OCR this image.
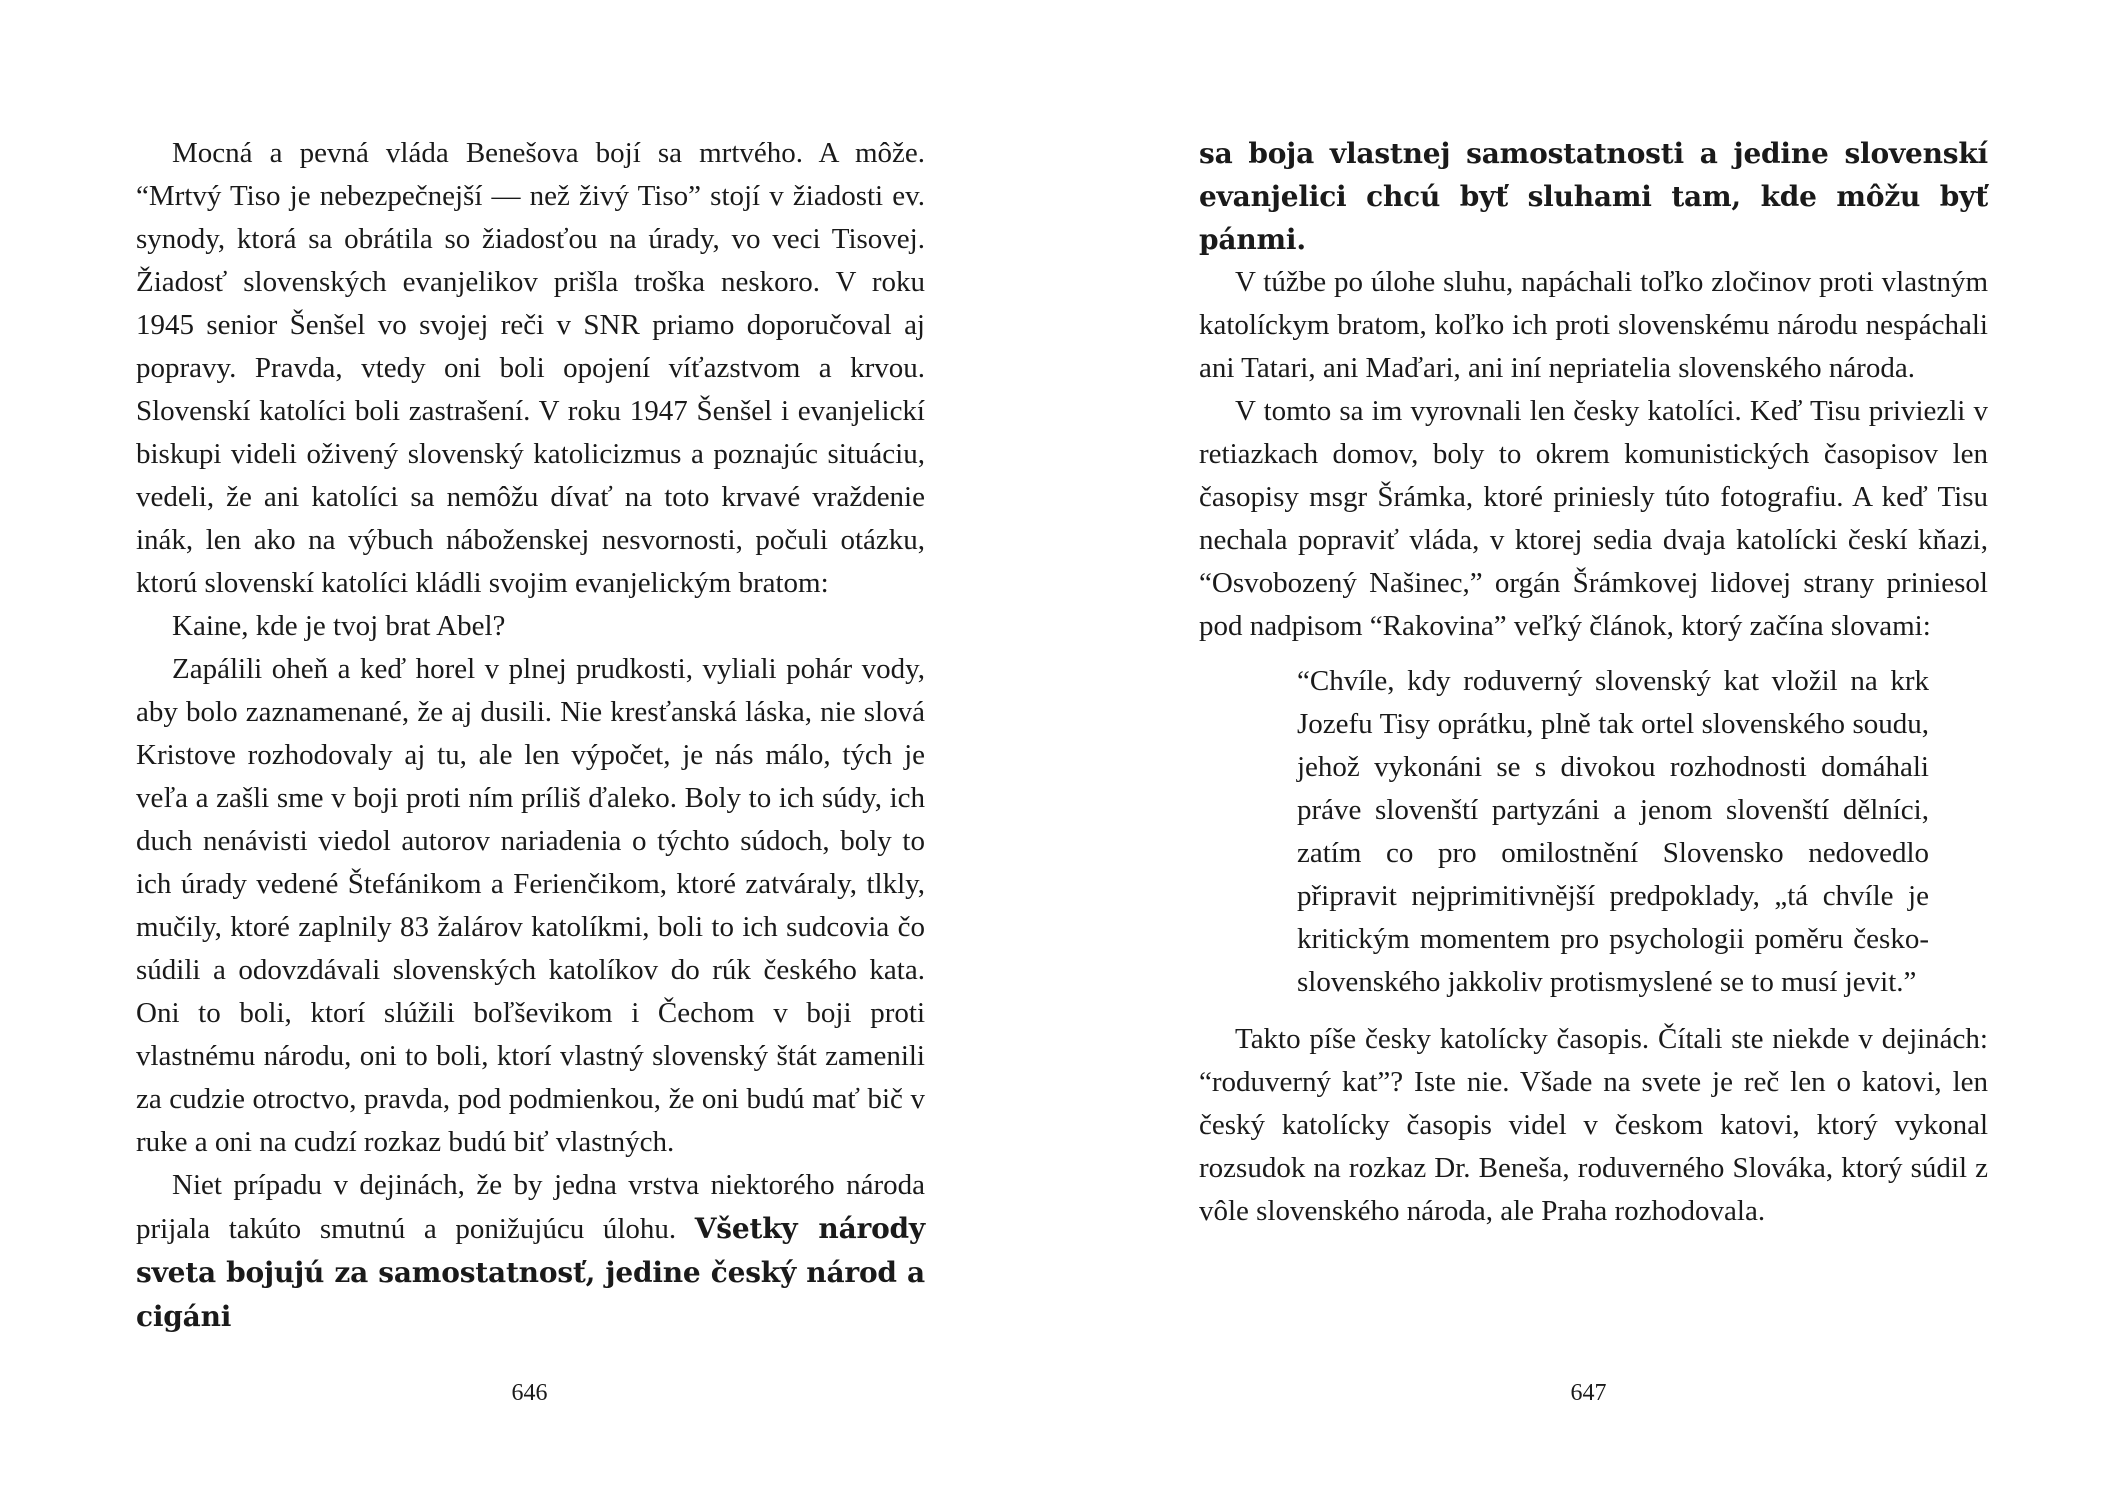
Mocná a pevná vláda Benešova bojí sa mrtvého. A môže. “Mrtvý Tiso je nebezpečnejší — než živý Tiso” stojí v žiadosti ev. synody, ktorá sa obrátila so žiadosťou na úrady, vo veci Tisovej. Žiadosť slovenských evanjelikov prišla troška neskoro. V roku 1945 senior Šenšel vo svojej reči v SNR priamo doporučoval aj popravy. Pravda, vtedy oni boli opojení víťazstvom a krvou. Slovenskí katolíci boli zastrašení. V roku 1947 Šenšel i evanjelickí biskupi videli oživený slovenský katolicizmus a poznajúc situáciu, vedeli, že ani katolíci sa nemôžu dívať na toto krvavé vraždenie inák, len ako na výbuch náboženskej nesvornosti, počuli otázku, ktorú slovenskí katolíci kládli svojim evanjelickým bratom:

Kaine, kde je tvoj brat Abel?

Zapálili oheň a keď horel v plnej prudkosti, vyliali pohár vody, aby bolo zaznamenané, že aj dusili. Nie kresťanská láska, nie slová Kristove rozhodovaly aj tu, ale len výpočet, je nás málo, tých je veľa a zašli sme v boji proti ním príliš ďaleko. Boly to ich súdy, ich duch nenávisti viedol autorov nariadenia o týchto súdoch, boly to ich úrady vedené Štefánikom a Ferienčikom, ktoré zatváraly, tlkly, mučily, ktoré zaplnily 83 žalárov katolíkmi, boli to ich sudcovia čo súdili a odovzdávali slovenských katolíkov do rúk českého kata. Oni to boli, ktorí slúžili boľševikom i Čechom v boji proti vlastnému národu, oni to boli, ktorí vlastný slovenský štát zamenili za cudzie otroctvo, pravda, pod podmienkou, že oni budú mať bič v ruke a oni na cudzí rozkaz budú biť vlastných.

Niet prípadu v dejinách, že by jedna vrstva niektorého národa prijala takúto smutnú a ponižujúcu úlohu. Všetky národy sveta bojujú za samostatnosť, jedine český národ a cigáni

646

sa boja vlastnej samostatnosti a jedine slovenskí evanjelici chcú byť sluhami tam, kde môžu byť pánmi.

V túžbe po úlohe sluhu, napáchali toľko zločinov proti vlastným katolíckym bratom, koľko ich proti slovenskému národu nespáchali ani Tatari, ani Maďari, ani iní nepriatelia slovenského národa.

V tomto sa im vyrovnali len česky katolíci. Keď Tisu priviezli v retiazkach domov, boly to okrem komunistických časopisov len časopisy msgr Šrámka, ktoré priniesly túto fotografiu. A keď Tisu nechala popraviť vláda, v ktorej sedia dvaja katolícki českí kňazi, “Osvobozený Našinec,” orgán Šrámkovej lidovej strany priniesol pod nadpisom “Rakovina” veľký článok, ktorý začína slovami:

“Chvíle, kdy roduverný slovenský kat vložil na krk Jozefu Tisy oprátku, plně tak ortel slovenského soudu, jehož vykonáni se s divokou rozhodnosti domáhali práve slovenští partyzáni a jenom slovenští dělníci, zatím co pro omilostnění Slovensko nedovedlo připravit nejprimitivnější predpoklady, „tá chvíle je kritickým momentem pro psychologii poměru česko-slovenského jakkoliv protismyslené se to musí jevit.”

Takto píše česky katolícky časopis. Čítali ste niekde v dejinách: “roduverný kat”? Iste nie. Všade na svete je reč len o katovi, len český katolícky časopis videl v českom katovi, ktorý vykonal rozsudok na rozkaz Dr. Beneša, roduverného Slováka, ktorý súdil z vôle slovenského národa, ale Praha rozhodovala.

647
